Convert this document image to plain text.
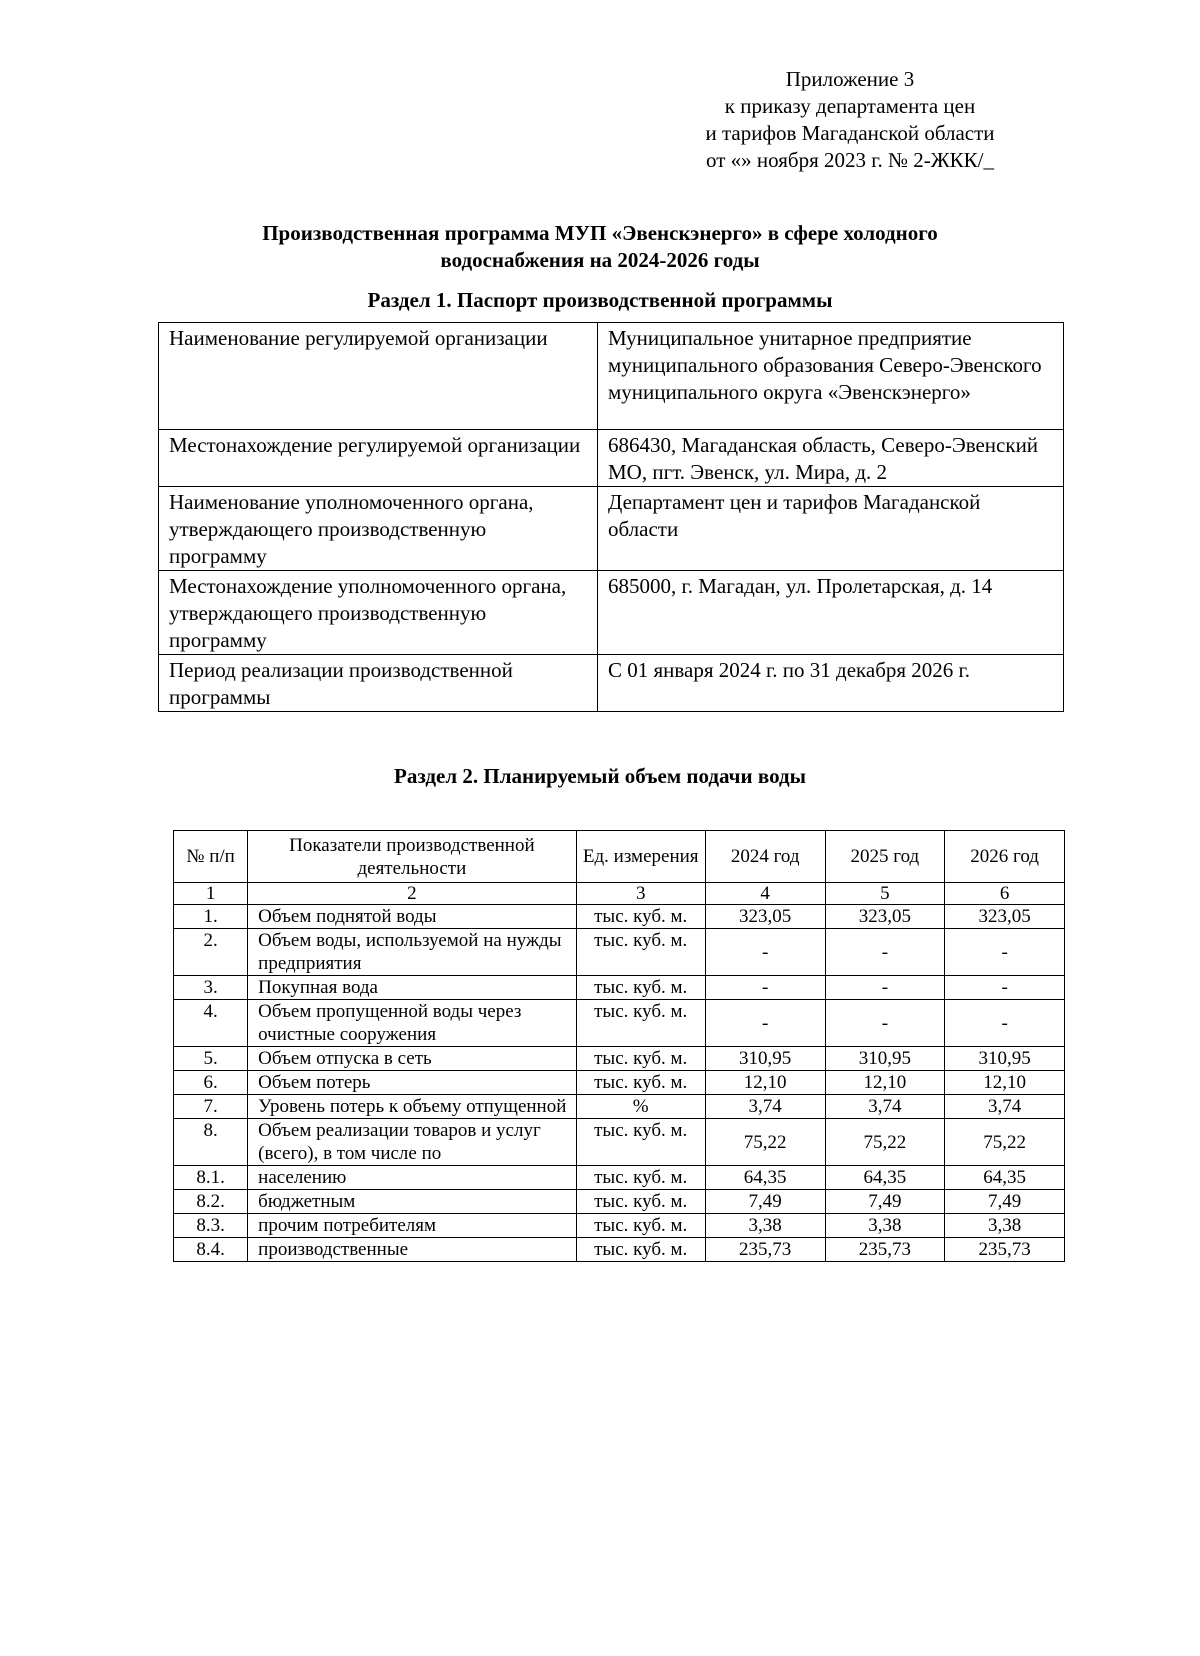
Приложение 3
к приказу департамента цен
и тарифов Магаданской области
от «» ноября 2023 г. № 2-ЖКК/_
Производственная программа МУП «Эвенскэнерго» в сфере холодного
водоснабжения на 2024-2026 годы
Раздел 1. Паспорт производственной программы
Наименование регулируемой организации	Муниципальное унитарное предприятие муниципального образования Северо-Эвенского муниципального округа «Эвенскэнерго»
Местонахождение регулируемой организации	686430, Магаданская область, Северо-Эвенский МО, пгт. Эвенск, ул. Мира, д. 2
Наименование уполномоченного органа, утверждающего производственную программу	Департамент цен и тарифов Магаданской области
Местонахождение уполномоченного органа, утверждающего производственную программу	685000, г. Магадан, ул. Пролетарская, д. 14
Период реализации производственной программы	С 01 января 2024 г. по 31 декабря 2026 г.
Раздел 2. Планируемый объем подачи воды
№ п/п	Показатели производственной деятельности	Ед. измерения	2024 год	2025 год	2026 год
1	2	3	4	5	6
1.	Объем поднятой воды	тыс. куб. м.	323,05	323,05	323,05
2.	Объем воды, используемой на нужды предприятия	тыс. куб. м.	-	-	-
3.	Покупная вода	тыс. куб. м.	-	-	-
4.	Объем пропущенной воды через очистные сооружения	тыс. куб. м.	-	-	-
5.	Объем отпуска в сеть	тыс. куб. м.	310,95	310,95	310,95
6.	Объем потерь	тыс. куб. м.	12,10	12,10	12,10
7.	Уровень потерь к объему отпущенной	%	3,74	3,74	3,74
8.	Объем реализации товаров и услуг (всего), в том числе по	тыс. куб. м.	75,22	75,22	75,22
8.1.	населению	тыс. куб. м.	64,35	64,35	64,35
8.2.	бюджетным	тыс. куб. м.	7,49	7,49	7,49
8.3.	прочим потребителям	тыс. куб. м.	3,38	3,38	3,38
8.4.	производственные	тыс. куб. м.	235,73	235,73	235,73
